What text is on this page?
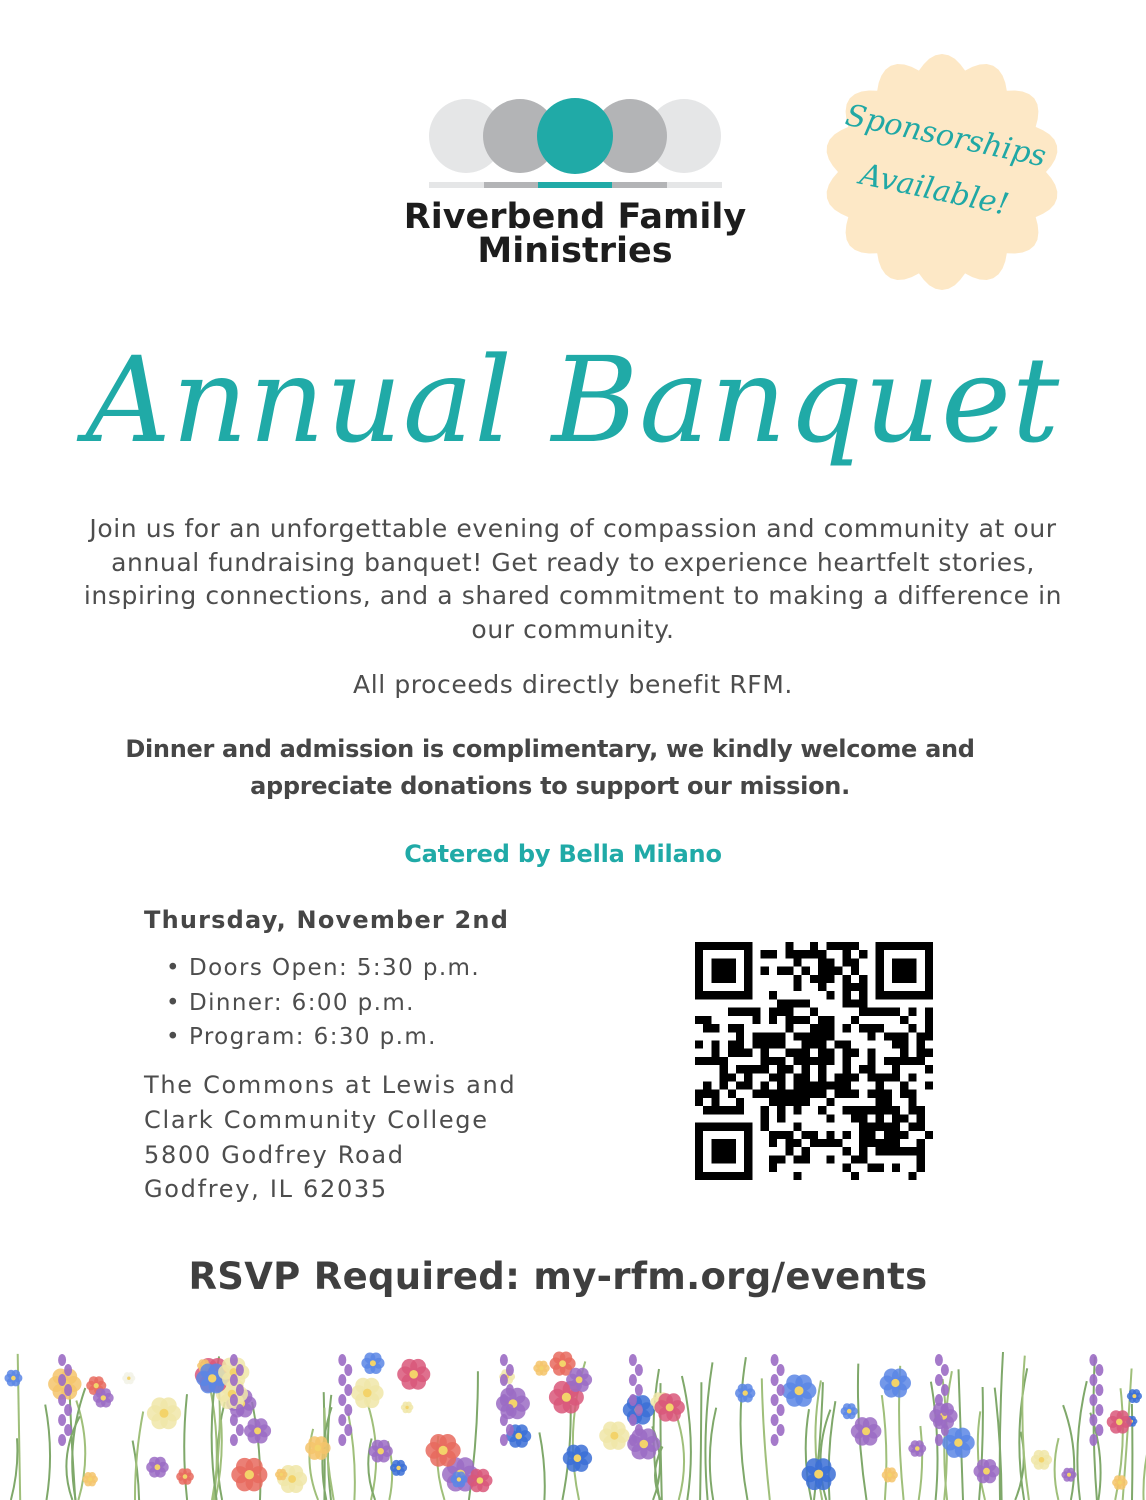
Riverbend Family
Ministries
Sponsorships
Available!
Annual Banquet
Join us for an unforgettable evening of compassion and community at our annual fundraising banquet! Get ready to experience heartfelt stories, inspiring connections, and a shared commitment to making a difference in our community.
All proceeds directly benefit RFM.
Dinner and admission is complimentary, we kindly welcome and appreciate donations to support our mission.
Catered by Bella Milano
Thursday, November 2nd
• Doors Open: 5:30 p.m.
• Dinner: 6:00 p.m.
• Program: 6:30 p.m.
The Commons at Lewis and
Clark Community College
5800 Godfrey Road
Godfrey, IL 62035
RSVP Required: my-rfm.org/events
